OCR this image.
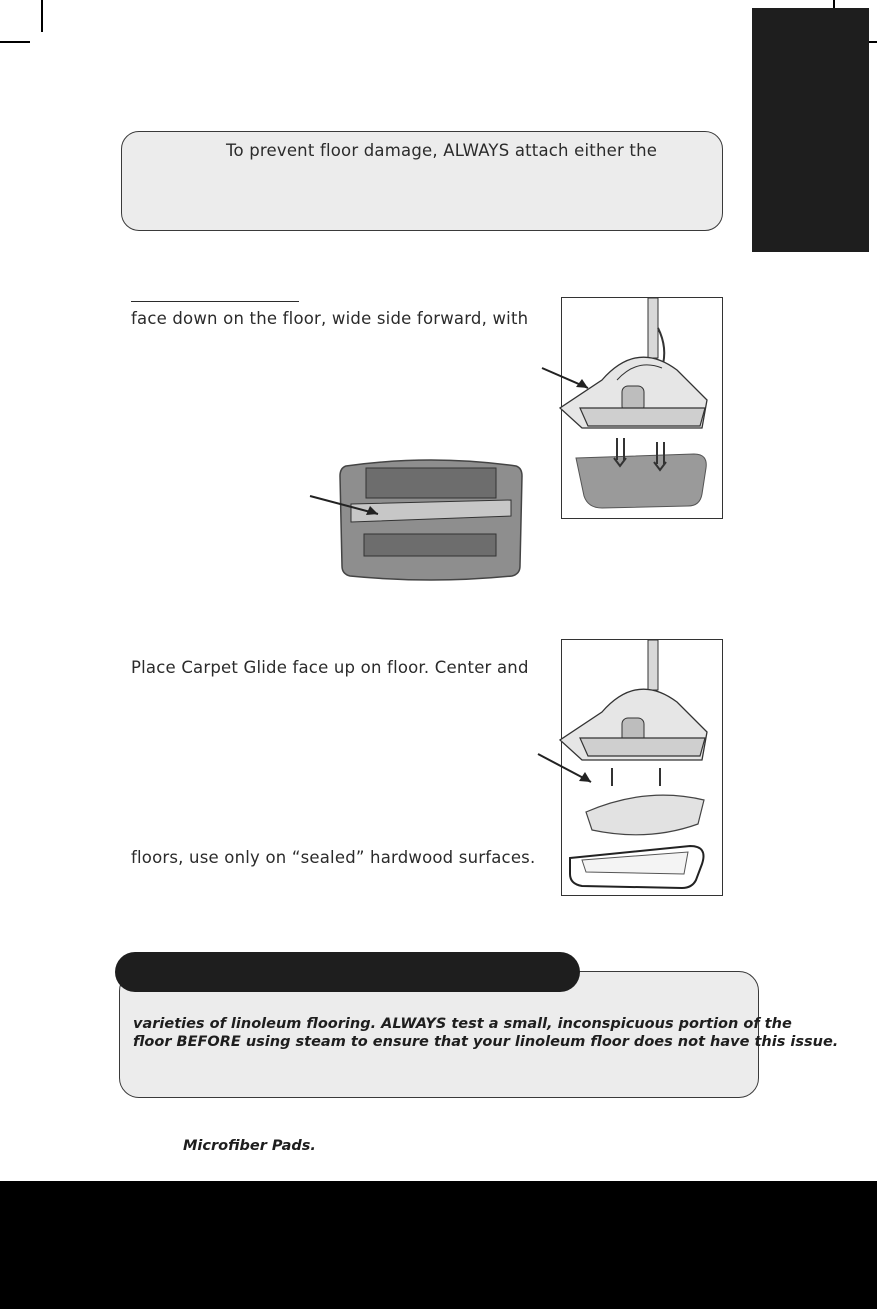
To prevent floor damage, ALWAYS attach either the
face down on the floor, wide side forward, with
Place Carpet Glide face up on floor. Center and
floors, use only on “sealed” hardwood surfaces.
varieties of linoleum flooring. ALWAYS test a small, inconspicuous portion of the
floor BEFORE using steam to ensure that your linoleum floor does not have this issue.
Microfiber Pads.
